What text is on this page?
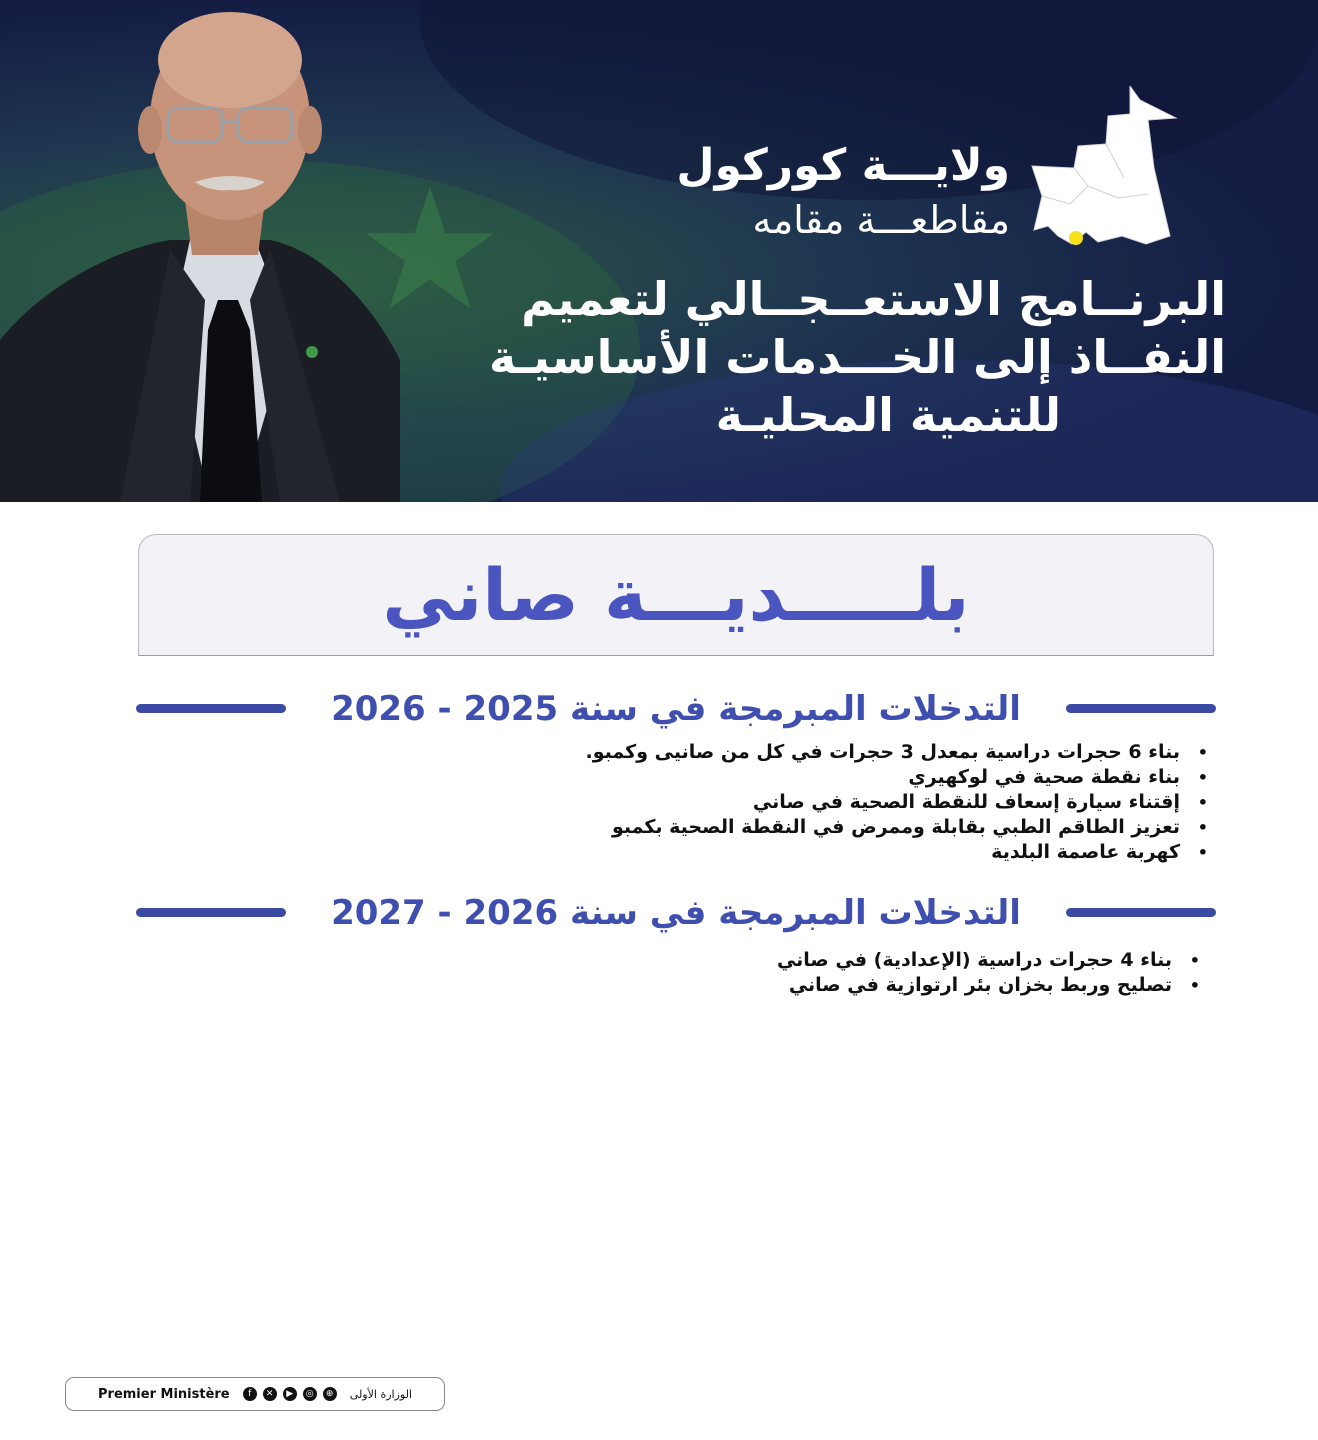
ولايـــة كوركول
مقاطعـــة مقامه
البرنــامج الاستعــجــالي لتعميم
النفــاذ إلى الخـــدمات الأساسيـة
للتنمية المحليـة
بلـــــديـــة صاني
التدخلات المبرمجة في سنة 2025 - 2026
• بناء 6 حجرات دراسية بمعدل 3 حجرات في كل من صانيى وكمبو.
• بناء نقطة صحية في لوكهيري
• إقتناء سيارة إسعاف للنقطة الصحية في صاني
• تعزيز الطاقم الطبي بقابلة وممرض في النقطة الصحية بكمبو
• كهربة عاصمة البلدية
التدخلات المبرمجة في سنة 2026 - 2027
• بناء 4 حجرات دراسية (الإعدادية) في صاني
• تصليح وربط بخزان بئر ارتوازية في صاني
Premier Ministère	f	✕	▶	◎	⊕ الوزارة الأولى
